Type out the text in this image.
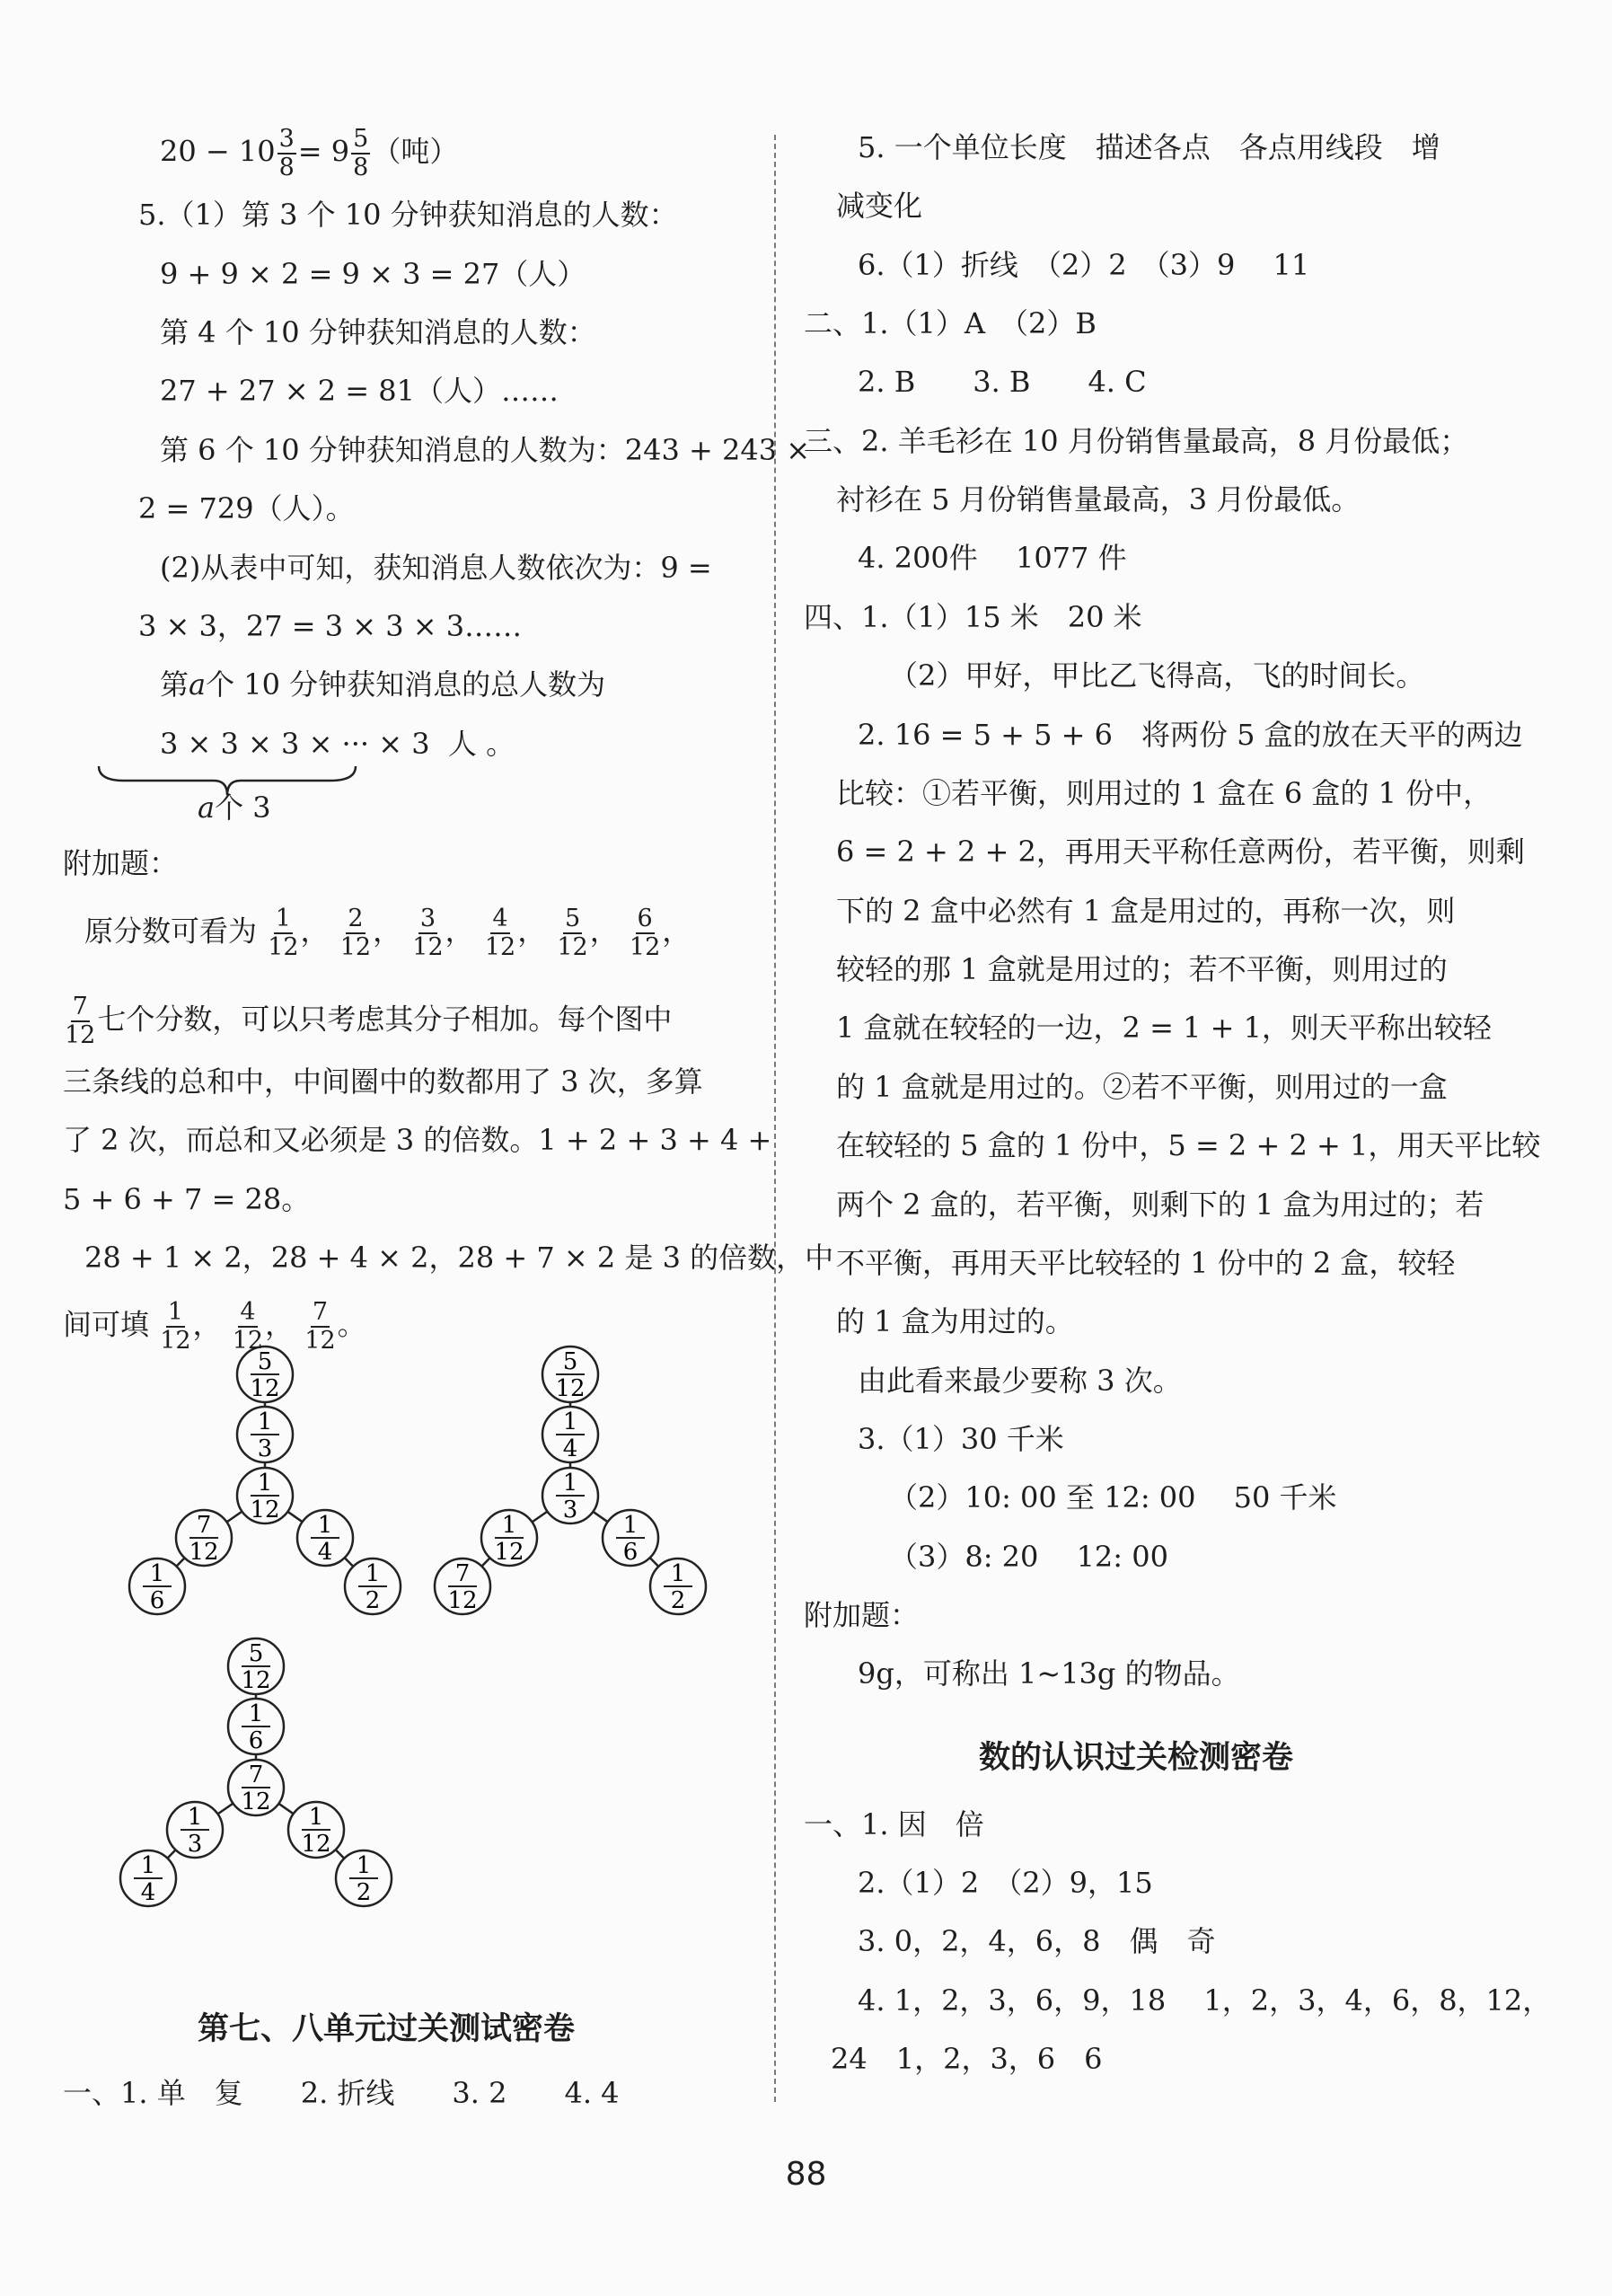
$20 - 10 \frac{3}{8} = 9 \frac{5}{8}$ （吨）
5.（1）第 3 个 10 分钟获知消息的人数：
9 + 9 × 2 = 9 × 3 = 27（人）
第 4 个 10 分钟获知消息的人数：
27 + 27 × 2 = 81（人）……
第 6 个 10 分钟获知消息的人数为：243 + 243 ×
2 = 729（人）。
(2)从表中可知，获知消息人数依次为：9 =
3 × 3，27 = 3 × 3 × 3……
第a个 10 分钟获知消息的总人数为
3 × 3 × 3 × ··· × 3 人 。
a个 3
附加题：
原分数可看为 $\frac{1}{12}$ ， $\frac{2}{12}$ ， $\frac{3}{12}$ ， $\frac{4}{12}$ ， $\frac{5}{12}$ ， $\frac{6}{12}$ ，
$\frac{7}{12}$ 七个分数，可以只考虑其分子相加。每个图中
三条线的总和中，中间圈中的数都用了 3 次，多算
了 2 次，而总和又必须是 3 的倍数。1 + 2 + 3 + 4 +
5 + 6 + 7 = 28。
28 + 1 × 2，28 + 4 × 2，28 + 7 × 2 是 3 的倍数，中
间可填 $\frac{1}{12}$ ， $\frac{4}{12}$ ， $\frac{7}{12}$ 。
第七、八单元过关测试密卷
一、1. 单　复　　2. 折线　　3. 2　　4. 4
5
12
1
3
1
12
7
12
1
6
1
4
1
2
5
12
1
4
1
3
1
12
7
12
1
6
1
2
5
12
1
6
7
12
1
3
1
4
1
12
1
2
5. 一个单位长度　描述各点　各点用线段　增
减变化
6.（1）折线　（2）2　（3）9　 11
二、1.（1）A　（2）B
2. B　　3. B　　4. C
三、2. 羊毛衫在 10 月份销售量最高，8 月份最低；
衬衫在 5 月份销售量最高，3 月份最低。
4. 200件　 1077 件
四、1.（1）15 米　20 米
（2）甲好，甲比乙飞得高，飞的时间长。
2. 16 = 5 + 5 + 6　将两份 5 盒的放在天平的两边
比较：①若平衡，则用过的 1 盒在 6 盒的 1 份中，
6 = 2 + 2 + 2，再用天平称任意两份，若平衡，则剩
下的 2 盒中必然有 1 盒是用过的，再称一次，则
较轻的那 1 盒就是用过的；若不平衡，则用过的
1 盒就在较轻的一边，2 = 1 + 1，则天平称出较轻
的 1 盒就是用过的。②若不平衡，则用过的一盒
在较轻的 5 盒的 1 份中，5 = 2 + 2 + 1，用天平比较
两个 2 盒的，若平衡，则剩下的 1 盒为用过的；若
不平衡，再用天平比较轻的 1 份中的 2 盒，较轻
的 1 盒为用过的。
由此看来最少要称 3 次。
3.（1）30 千米
（2）10: 00 至 12: 00　 50 千米
（3）8: 20　 12: 00
附加题：
9g，可称出 1~13g 的物品。
数的认识过关检测密卷
一、1. 因　倍
2.（1）2　（2）9，15
3. 0，2，4，6，8　偶　奇
4. 1，2，3，6，9，18　 1，2，3，4，6，8，12，
24　1，2，3，6　6
88
